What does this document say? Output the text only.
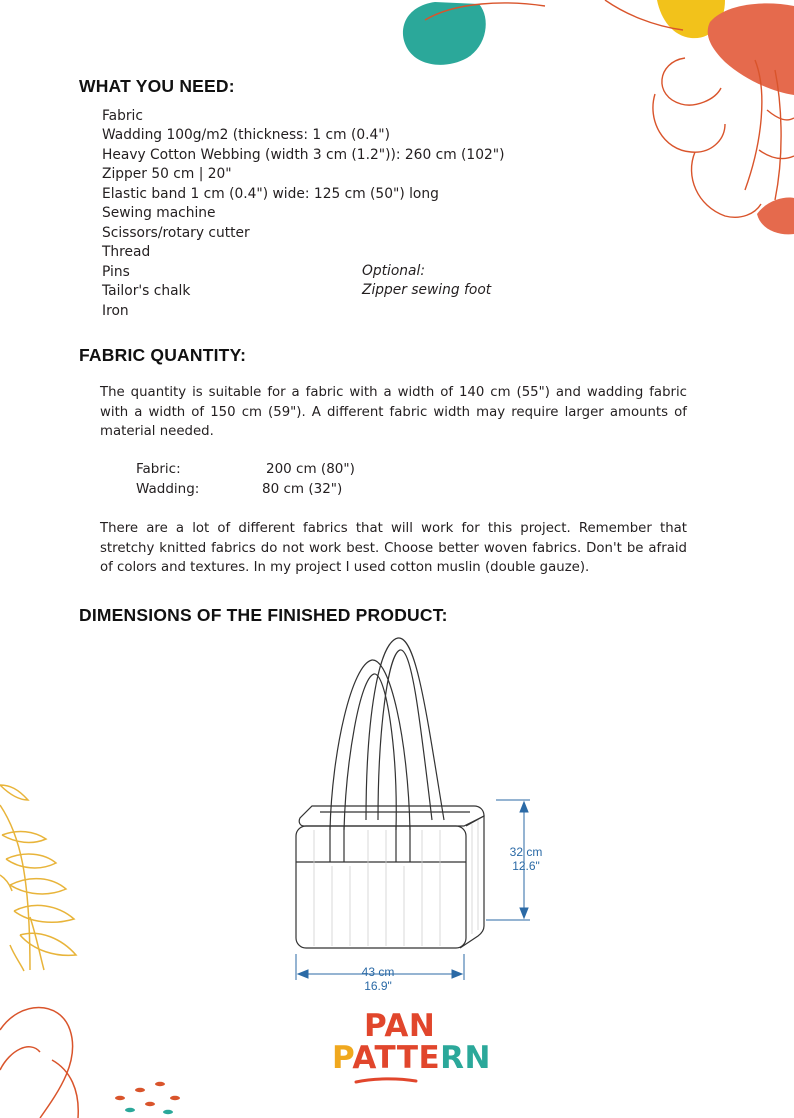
WHAT YOU NEED:
Fabric
Wadding 100g/m2 (thickness: 1 cm (0.4")
Heavy Cotton Webbing (width 3 cm (1.2")): 260 cm (102")
Zipper 50 cm | 20"
Elastic band 1 cm (0.4") wide: 125 cm (50") long
Sewing machine
Scissors/rotary cutter
Thread
Pins
Tailor's chalk
Iron
Optional:
Zipper sewing foot
FABRIC QUANTITY:

The quantity is suitable for a fabric with a width of 140 cm (55") and wadding fabric with a width of 150 cm (59"). A different fabric width may require larger amounts of material needed.

Fabric:	200 cm (80")
Wadding:	80 cm (32")

There are a lot of different fabrics that will work for this project. Remember that stretchy knitted fabrics do not work best. Choose better woven fabrics. Don't be afraid of colors and textures. In my project I used cotton muslin (double gauze).

DIMENSIONS OF THE FINISHED PRODUCT:
32 cm
12.6"
43 cm
16.9"
PAN
PATTERN
